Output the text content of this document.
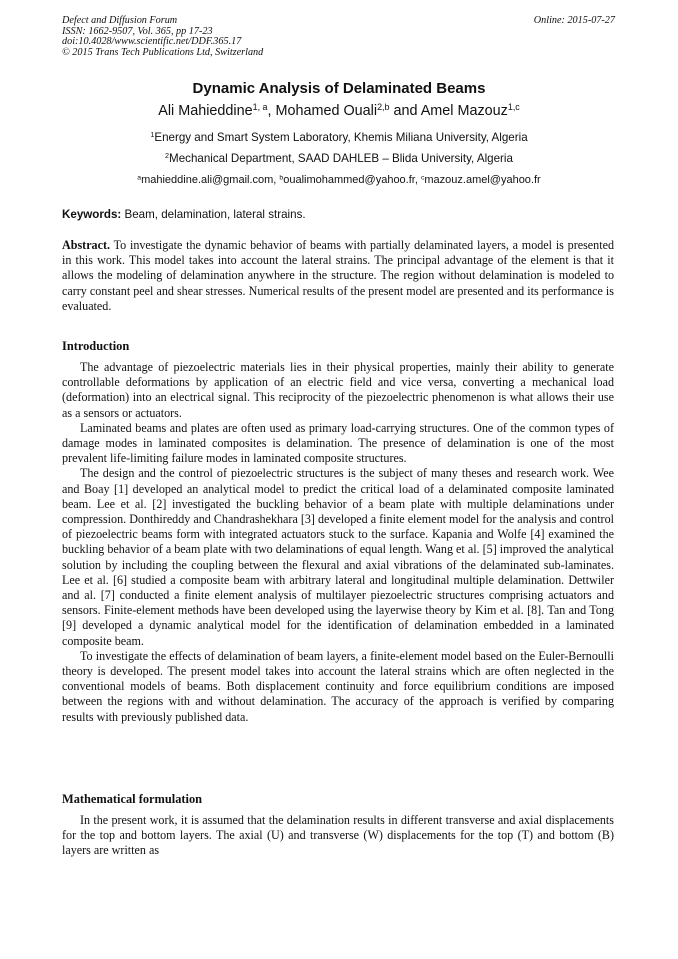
Defect and Diffusion Forum
ISSN: 1662-9507, Vol. 365, pp 17-23
doi:10.4028/www.scientific.net/DDF.365.17
© 2015 Trans Tech Publications Ltd, Switzerland
Online: 2015-07-27
Dynamic Analysis of Delaminated Beams
Ali Mahieddine$^{1, a}$, Mohamed Ouali$^{2,b}$ and Amel Mazouz$^{1,c}$
$^1$Energy and Smart System Laboratory, Khemis Miliana University, Algeria
$^2$Mechanical Department, SAAD DAHLEB – Blida University, Algeria
$^a$mahieddine.ali@gmail.com, $^b$oualimohammed@yahoo.fr, $^c$mazouz.amel@yahoo.fr
Keywords: Beam, delamination, lateral strains.
Abstract. To investigate the dynamic behavior of beams with partially delaminated layers, a model is presented in this work. This model takes into account the lateral strains. The principal advantage of the element is that it allows the modeling of delamination anywhere in the structure. The region without delamination is modeled to carry constant peel and shear stresses. Numerical results of the present model are presented and its performance is evaluated.
Introduction

The advantage of piezoelectric materials lies in their physical properties, mainly their ability to generate controllable deformations by application of an electric field and vice versa, converting a mechanical load (deformation) into an electrical signal. This reciprocity of the piezoelectric phenomenon is what allows their use as a sensors or actuators.

Laminated beams and plates are often used as primary load-carrying structures. One of the common types of damage modes in laminated composites is delamination. The presence of delamination is one of the most prevalent life-limiting failure modes in laminated composite structures.

The design and the control of piezoelectric structures is the subject of many theses and research work. Wee and Boay [1] developed an analytical model to predict the critical load of a delaminated composite laminated beam. Lee et al. [2] investigated the buckling behavior of a beam plate with multiple delaminations under compression. Donthireddy and Chandrashekhara [3] developed a finite element model for the analysis and control of piezoelectric beams form with integrated actuators stuck to the surface. Kapania and Wolfe [4] examined the buckling behavior of a beam plate with two delaminations of equal length. Wang et al. [5] improved the analytical solution by including the coupling between the flexural and axial vibrations of the delaminated sub-laminates. Lee et al. [6] studied a composite beam with arbitrary lateral and longitudinal multiple delamination. Dettwiler and al. [7] conducted a finite element analysis of multilayer piezoelectric structures comprising actuators and sensors. Finite-element methods have been developed using the layerwise theory by Kim et al. [8]. Tan and Tong [9] developed a dynamic analytical model for the identification of delamination embedded in a laminated composite beam.

To investigate the effects of delamination of beam layers, a finite-element model based on the Euler-Bernoulli theory is developed. The present model takes into account the lateral strains which are often neglected in the conventional models of beams. Both displacement continuity and force equilibrium conditions are imposed between the regions with and without delamination. The accuracy of the approach is verified by comparing results with previously published data.

Mathematical formulation

In the present work, it is assumed that the delamination results in different transverse and axial displacements for the top and bottom layers. The axial (U) and transverse (W) displacements for the top (T) and bottom (B) layers are written as
